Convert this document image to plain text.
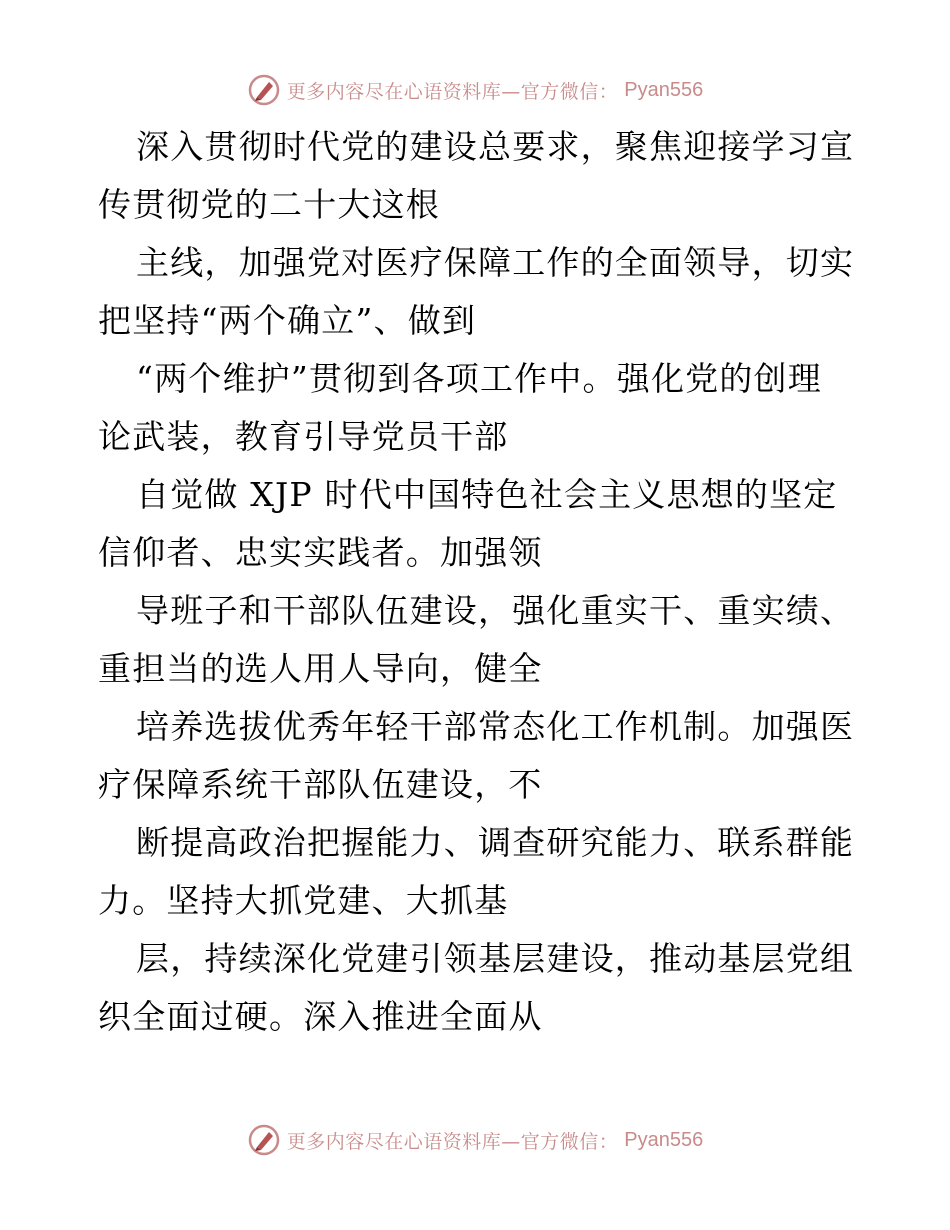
更多内容尽在心语资料库—官方微信： Pyan556
深入贯彻时代党的建设总要求，聚焦迎接学习宣
传贯彻党的二十大这根
主线，加强党对医疗保障工作的全面领导，切实
把坚持“两个确立”、做到
“两个维护”贯彻到各项工作中。强化党的创理
论武装，教育引导党员干部
自觉做 XJP 时代中国特色社会主义思想的坚定
信仰者、忠实实践者。加强领
导班子和干部队伍建设，强化重实干、重实绩、
重担当的选人用人导向，健全
培养选拔优秀年轻干部常态化工作机制。加强医
疗保障系统干部队伍建设，不
断提高政治把握能力、调查研究能力、联系群能
力。坚持大抓党建、大抓基
层，持续深化党建引领基层建设，推动基层党组
织全面过硬。深入推进全面从
更多内容尽在心语资料库—官方微信： Pyan556
